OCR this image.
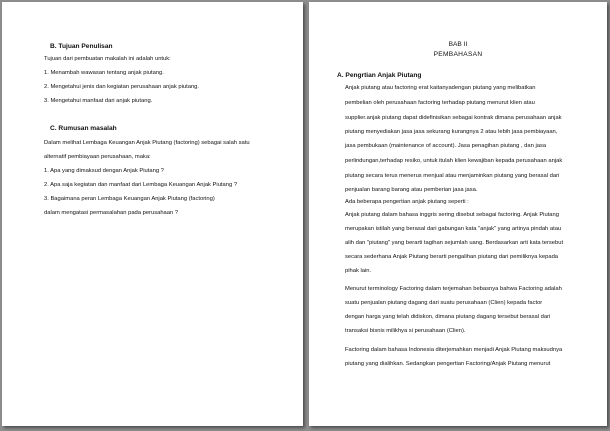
B. Tujuan Penulisan
Tujuan dari pembuatan makalah ini adalah untuk:
1. Menambah wawasan tentang anjak piutang.
2. Mengetahui jenis dan kegiatan perusahaan anjak piutang.
3. Mengetahui manfaat dari anjak piutang.
C. Rumusan masalah
Dalam melihat Lembaga Keuangan Anjak Piutang (factoring) sebagai salah satu
alternatif pembiayaan perusahaan, maka:
1. Apa yang dimaksud dengan Anjak Piutang ?
2. Apa saja kegiatan dan manfaat dari Lembaga Keuangan Anjak Piutang ?
3. Bagaimana peran Lembaga Keuangan Anjak Piutang (factoring)
dalam mengatasi permasalahan pada perusahaan ?
BAB II
PEMBAHASAN
A. Pengrtian Anjak Piutang
Anjak piutang atau factoring erat kaitanyadengan piutang yang melibatkan
pembelian oleh perusahaan factoring terhadap piutang menurut klien atau
supplier.anjak piutang dapat didefinisikan sebagai kontrak dimana perusahaan anjak
piutang menyediakan jasa jasa sekurang kurangnya 2 atau lebih jasa pembiayaan,
jasa pembukaan (maintenance of account). Jasa penagihan piutang , dan jasa
perlindungan,terhadap resiko, untuk itulah klien kewajiban kepada perusahaan anjak
piutang secara terus menerus menjual atau menjaminkan piutang yang berasal dari
penjualan barang barang atau pemberian jasa jasa.
Ada beberapa pengertian anjak piutang seperti :
Anjak piutang dalam bahasa inggris sering disebut sebagai factoring. Anjak Piutang
merupakan istilah yang berasal dari gabungan kata "anjak" yang artinya pindah atau
alih dan "piutang" yang berarti tagihan sejumlah uang. Berdasarkan arti kata tersebut
secara sederhana Anjak Piutang berarti pengalihan piutang dari pemiliknya kepada
pihak lain.
Menurut terminology Factoring dalam terjemahan bebasnya bahwa Factoring adalah
suatu penjualan piutang dagang dari suatu perusahaan (Clien) kepada factor
dengan harga yang telah didiskon, dimana piutang dagang tersebut berasal dari
transaksi bisnis milikhya si perusahaan (Clien).
Factoring dalam bahasa Indonesia diterjemahkan menjadi Anjak Piutang maksudnya
piutang yang dialihkan. Sedangkan pengertian Factoring/Anjak Piutang menurut
